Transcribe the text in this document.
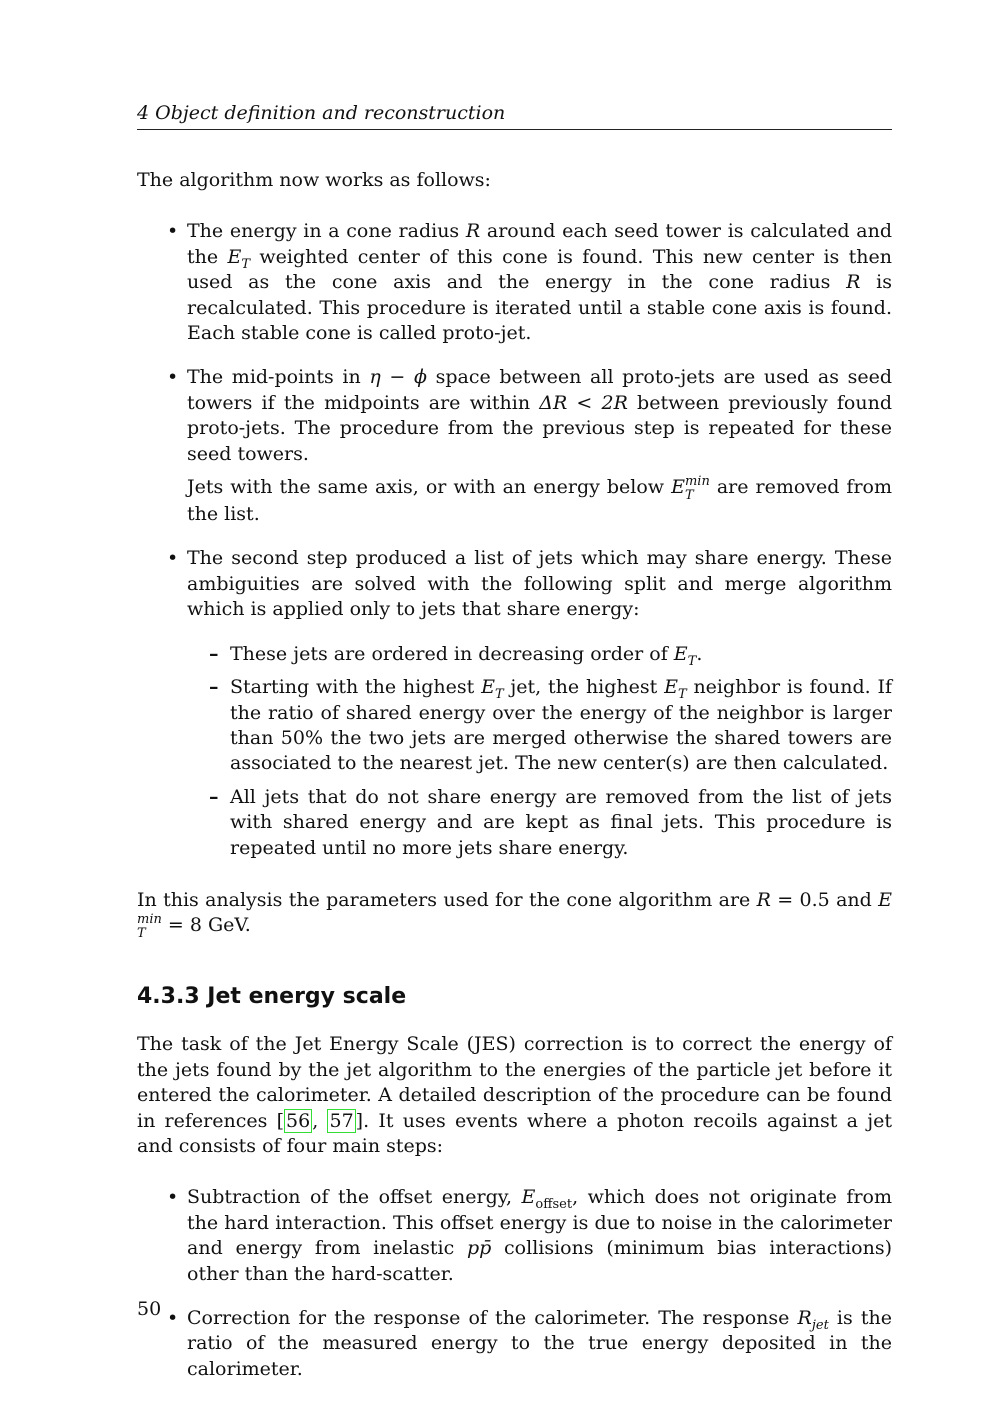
4 Object definition and reconstruction

The algorithm now works as follows:

• The energy in a cone radius R around each seed tower is calculated and the $E_T$ weighted center of this cone is found. This new center is then used as the cone axis and the energy in the cone radius R is recalculated. This procedure is iterated until a stable cone axis is found. Each stable cone is called proto-jet.
• The mid-points in η − ϕ space between all proto-jets are used as seed towers if the midpoints are within ΔR < 2R between previously found proto-jets. The procedure from the previous step is repeated for these seed towers.
Jets with the same axis, or with an energy below E min
T are removed from the list.
• The second step produced a list of jets which may share energy. These ambiguities are solved with the following split and merge algorithm which is applied only to jets that share energy:
– These jets are ordered in decreasing order of $E_T$.
– Starting with the highest $E_T$ jet, the highest $E_T$ neighbor is found. If the ratio of shared energy over the energy of the neighbor is larger than 50% the two jets are merged otherwise the shared towers are associated to the nearest jet. The new center(s) are then calculated.
– All jets that do not share energy are removed from the list of jets with shared energy and are kept as final jets. This procedure is repeated until no more jets share energy.

In this analysis the parameters used for the cone algorithm are R = 0.5 and E
min
T = 8 GeV.

4.3.3 Jet energy scale

The task of the Jet Energy Scale (JES) correction is to correct the energy of the jets found by the jet algorithm to the energies of the particle jet before it entered the calorimeter. A detailed description of the procedure can be found in references [ 56 , 57 ]. It uses events where a photon recoils against a jet and consists of four main steps:

• Subtraction of the offset energy, $E_{offset}$, which does not originate from the hard interaction. This offset energy is due to noise in the calorimeter and energy from inelastic pp̄ collisions (minimum bias interactions) other than the hard-scatter.
• Correction for the response of the calorimeter. The response $R_{jet}$ is the ratio of the measured energy to the true energy deposited in the calorimeter.
50
